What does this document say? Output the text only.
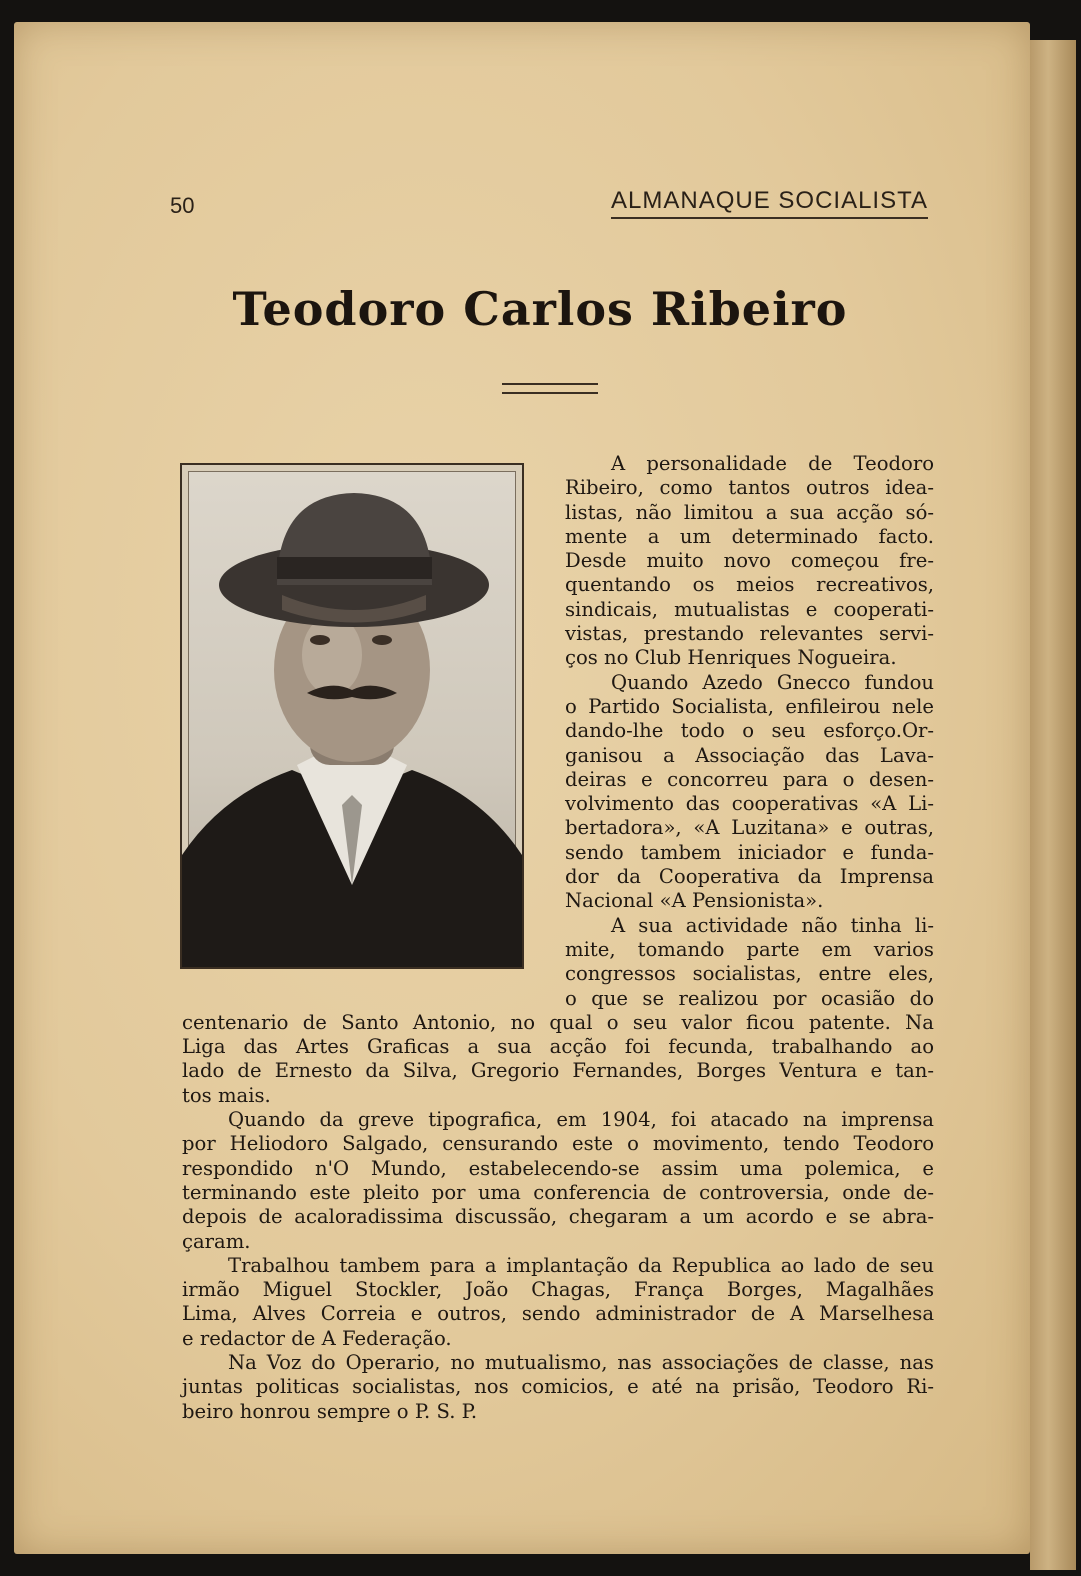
50	ALMANAQUE SOCIALISTA
Teodoro Carlos Ribeiro

A personalidade de Teodoro
Ribeiro, como tantos outros idea-
listas, não limitou a sua acção só-
mente a um determinado facto.
Desde muito novo começou fre-
quentando os meios recreativos,
sindicais, mutualistas e cooperati-
vistas, prestando relevantes servi-
ços no Club Henriques Nogueira.

Quando Azedo Gnecco fundou
o Partido Socialista, enfileirou nele
dando-lhe todo o seu esforço.Or-
ganisou a Associação das Lava-
deiras e concorreu para o desen-
volvimento das cooperativas «A Li-
bertadora», «A Luzitana» e outras,
sendo tambem iniciador e funda-
dor da Cooperativa da Imprensa
Nacional «A Pensionista».

A sua actividade não tinha li-
mite, tomando parte em varios
congressos socialistas, entre eles,
o que se realizou por ocasião do
centenario de Santo Antonio, no qual o seu valor ficou patente. Na
Liga das Artes Graficas a sua acção foi fecunda, trabalhando ao
lado de Ernesto da Silva, Gregorio Fernandes, Borges Ventura e tan-
tos mais.

Quando da greve tipografica, em 1904, foi atacado na imprensa
por Heliodoro Salgado, censurando este o movimento, tendo Teodoro
respondido n'O Mundo, estabelecendo-se assim uma polemica, e
terminando este pleito por uma conferencia de controversia, onde de-
depois de acaloradissima discussão, chegaram a um acordo e se abra-
çaram.

Trabalhou tambem para a implantação da Republica ao lado de seu
irmão Miguel Stockler, João Chagas, França Borges, Magalhães
Lima, Alves Correia e outros, sendo administrador de A Marselhesa
e redactor de A Federação.

Na Voz do Operario, no mutualismo, nas associações de classe, nas
juntas politicas socialistas, nos comicios, e até na prisão, Teodoro Ri-
beiro honrou sempre o P. S. P.
